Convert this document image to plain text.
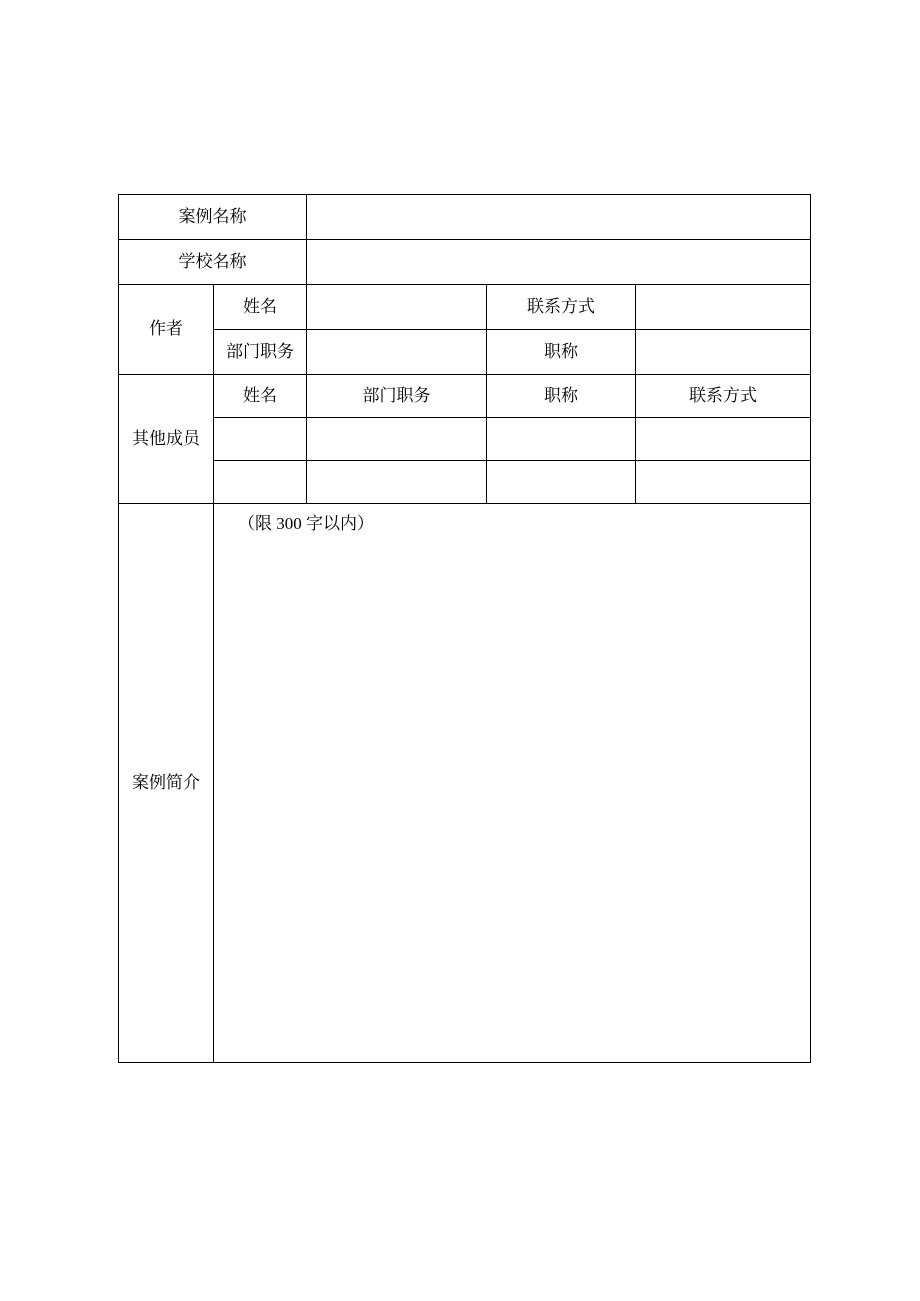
案例名称				
学校名称				
作者	姓名		联系方式	
	部门职务		职称	
其他成员	姓名	部门职务	职称	联系方式

案例简介	（限 300 字以内）			
